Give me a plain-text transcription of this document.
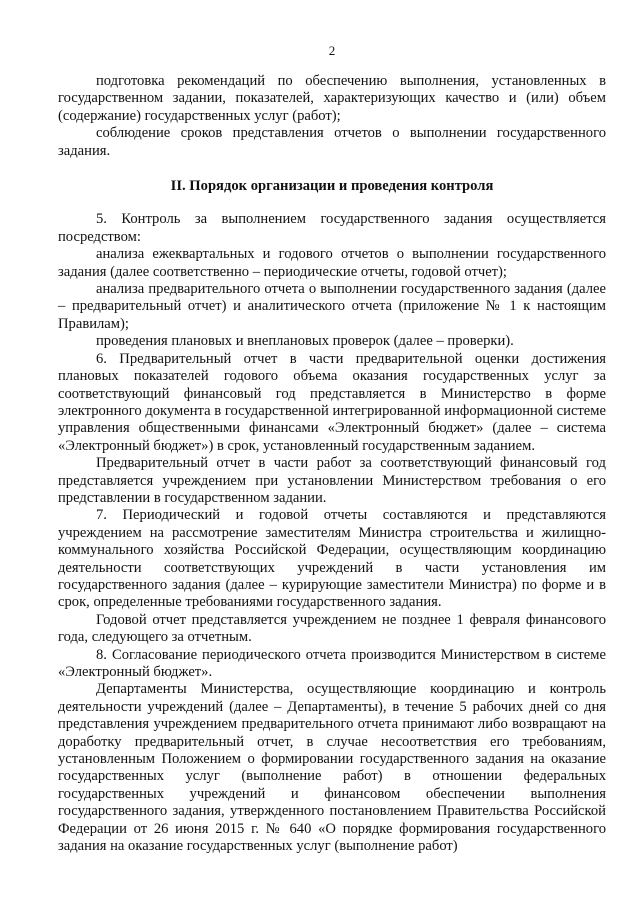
2

подготовка рекомендаций по обеспечению выполнения, установленных в государственном задании, показателей, характеризующих качество и (или) объем (содержание) государственных услуг (работ);

соблюдение сроков представления отчетов о выполнении государственного задания.

II. Порядок организации и проведения контроля

5. Контроль за выполнением государственного задания осуществляется посредством:

анализа ежеквартальных и годового отчетов о выполнении государственного задания (далее соответственно – периодические отчеты, годовой отчет);

анализа предварительного отчета о выполнении государственного задания (далее – предварительный отчет) и аналитического отчета (приложение № 1 к настоящим Правилам);

проведения плановых и внеплановых проверок (далее – проверки).

6. Предварительный отчет в части предварительной оценки достижения плановых показателей годового объема оказания государственных услуг за соответствующий финансовый год представляется в Министерство в форме электронного документа в государственной интегрированной информационной системе управления общественными финансами «Электронный бюджет» (далее – система «Электронный бюджет») в срок, установленный государственным заданием.

Предварительный отчет в части работ за соответствующий финансовый год представляется учреждением при установлении Министерством требования о его представлении в государственном задании.

7. Периодический и годовой отчеты составляются и представляются учреждением на рассмотрение заместителям Министра строительства и жилищно-коммунального хозяйства Российской Федерации, осуществляющим координацию деятельности соответствующих учреждений в части установления им государственного задания (далее – курирующие заместители Министра) по форме и в срок, определенные требованиями государственного задания.

Годовой отчет представляется учреждением не позднее 1 февраля финансового года, следующего за отчетным.

8. Согласование периодического отчета производится Министерством в системе «Электронный бюджет».

Департаменты Министерства, осуществляющие координацию и контроль деятельности учреждений (далее – Департаменты), в течение 5 рабочих дней со дня представления учреждением предварительного отчета принимают либо возвращают на доработку предварительный отчет, в случае несоответствия его требованиям, установленным Положением о формировании государственного задания на оказание государственных услуг (выполнение работ) в отношении федеральных государственных учреждений и финансовом обеспечении выполнения государственного задания, утвержденного постановлением Правительства Российской Федерации от 26 июня 2015 г. № 640 «О порядке формирования государственного задания на оказание государственных услуг (выполнение работ)
